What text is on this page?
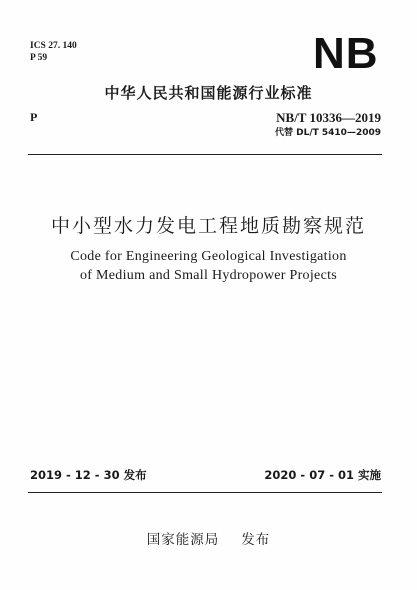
ICS 27. 140
P 59	NB
中华人民共和国能源行业标准
P	NB/T 10336—2019
代替 DL/T 5410—2009
中小型水力发电工程地质勘察规范
Code for Engineering Geological Investigation
of Medium and Small Hydropower Projects
2019 - 12 - 30 发布	2020 - 07 - 01 实施
国家能源局 发布
